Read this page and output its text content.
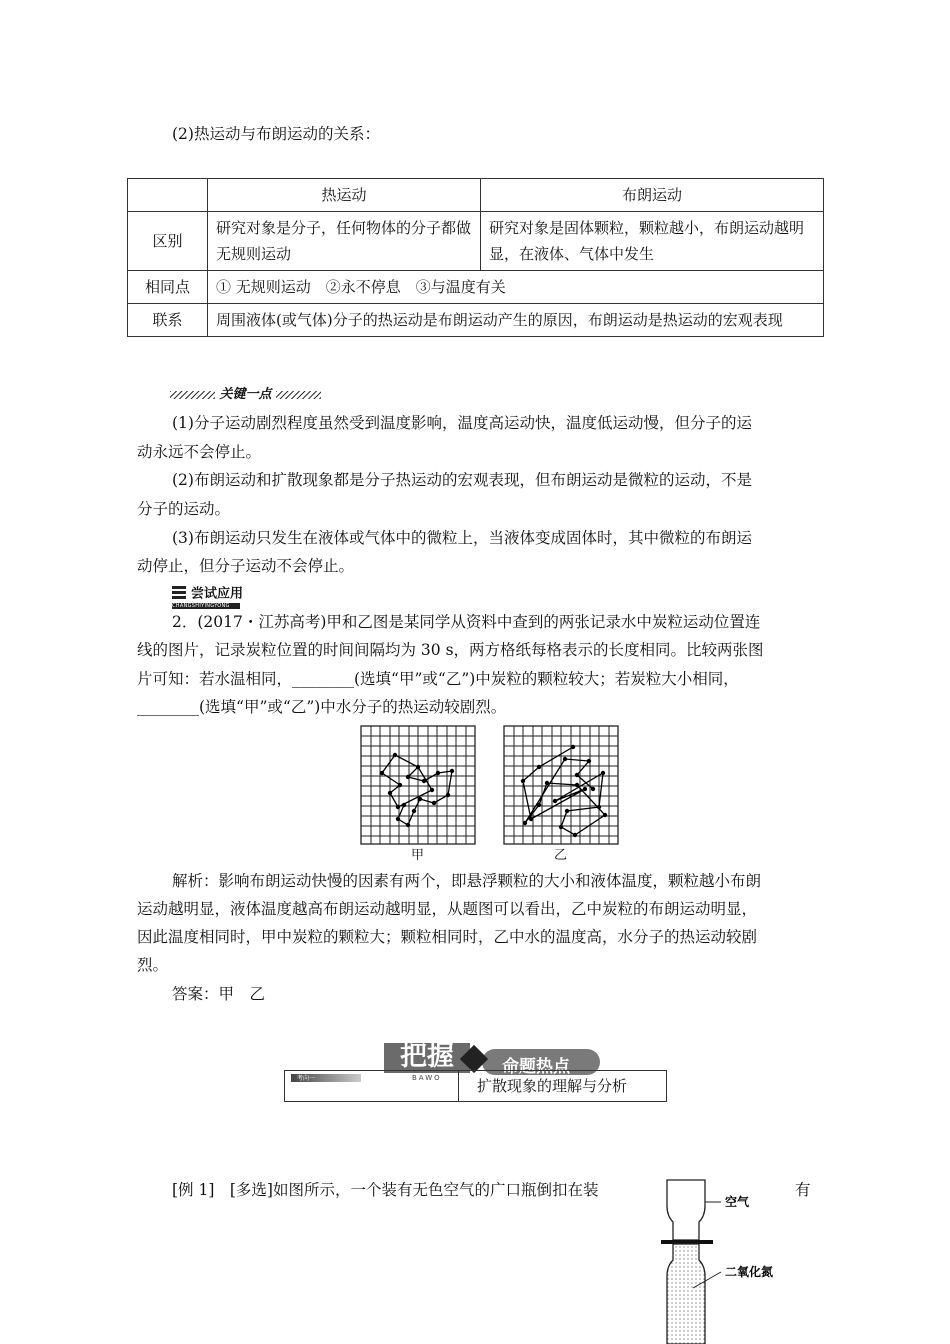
(2)热运动与布朗运动的关系：
	热运动	布朗运动
区别	研究对象是分子，任何物体的分子都做无规则运动	研究对象是固体颗粒，颗粒越小，布朗运动越明显，在液体、气体中发生
相同点	① 无规则运动　②永不停息　③与温度有关	
联系	周围液体(或气体)分子的热运动是布朗运动产生的原因，布朗运动是热运动的宏观表现	
关键一点
(1)分子运动剧烈程度虽然受到温度影响，温度高运动快，温度低运动慢，但分子的运
动永远不会停止。
(2)布朗运动和扩散现象都是分子热运动的宏观表现，但布朗运动是微粒的运动，不是
分子的运动。
(3)布朗运动只发生在液体或气体中的微粒上，当液体变成固体时，其中微粒的布朗运
动停止，但分子运动不会停止。
尝试应用
CHANGSHIYINGYONG
2．(2017・江苏高考)甲和乙图是某同学从资料中查到的两张记录水中炭粒运动位置连
线的图片，记录炭粒位置的时间间隔均为 30 s，两方格纸每格表示的长度相同。比较两张图
片可知：若水温相同，________(选填“甲”或“乙”)中炭粒的颗粒较大；若炭粒大小相同，
________(选填“甲”或“乙”)中水分子的热运动较剧烈。
甲	乙
解析：影响布朗运动快慢的因素有两个，即悬浮颗粒的大小和液体温度，颗粒越小布朗
运动越明显，液体温度越高布朗运动越明显，从题图可以看出，乙中炭粒的布朗运动明显，
因此温度相同时，甲中炭粒的颗粒大；颗粒相同时，乙中水的温度高，水分子的热运动较剧
烈。
答案：甲　乙
把握
BAWO
命题热点
考向一	扩散现象的理解与分析
[例 1]　[多选]如图所示，一个装有无色空气的广口瓶倒扣在装	有
空气
二氧化氮
